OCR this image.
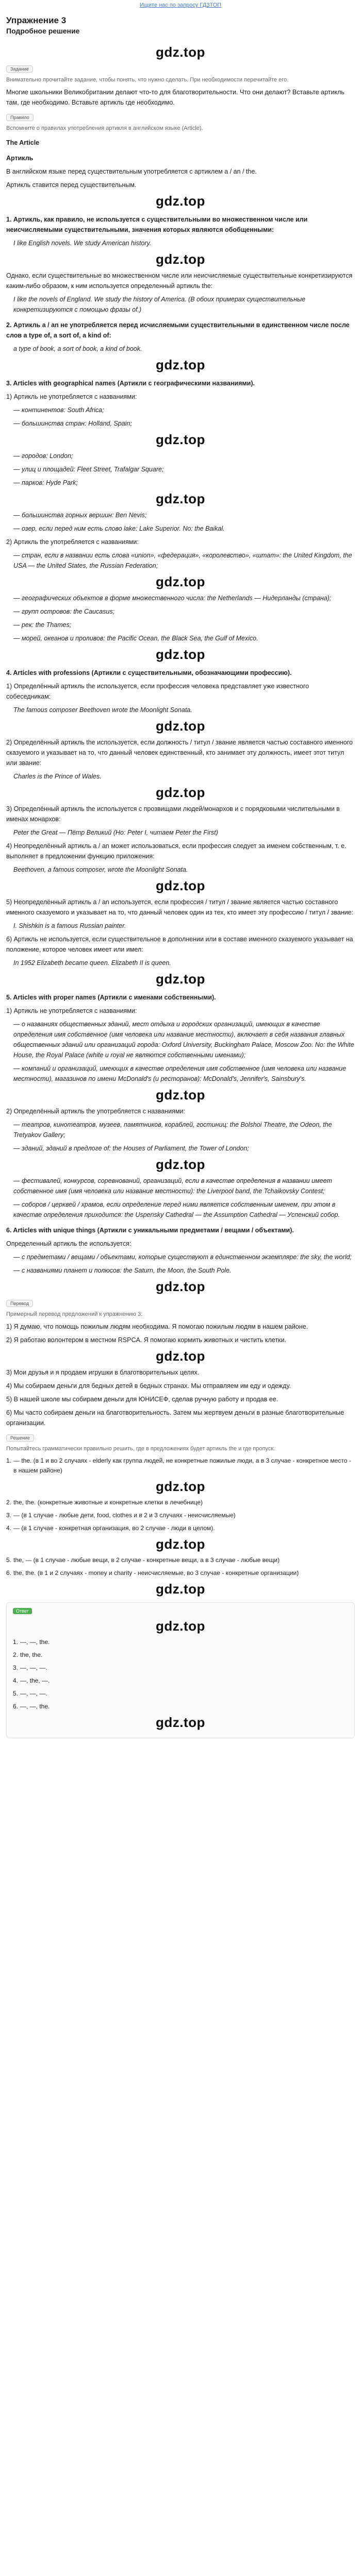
Ищите нас по запросу ГДЗТОП
Упражнение 3
Подробное решение
gdz.top
Задание
Внимательно прочитайте задание, чтобы понять, что нужно сделать. При необходимости перечитайте его.

Многие школьники Великобритании делают что-то для благотворительности. Что они делают? Вставьте артикль там, где необходимо. Вставьте артикль где необходимо.

Правило
Вспомните о правилах употребления артикля в английском языке (Article).

The Article

Артикль

В английском языке перед существительным употребляется с артиклем a / an / the.

Артикль ставится перед существительным.

gdz.top

1. Артикль, как правило, не используется с существительными во множественном числе или неисчисляемыми существительными, значения которых являются обобщенными:

I like English novels. We study American history.

gdz.top

Однако, если существительные во множественном числе или неисчисляемые существительные конкретизируются каким-либо образом, к ним используется определенный артикль the:

I like the novels of England. We study the history of America. (В обоих примерах существительные конкретизируются с помощью фразы of.)

2. Артикль a / an не употребляется перед исчисляемыми существительными в единственном числе после слов a type of, a sort of, a kind of:

a type of book, a sort of book, a kind of book.

gdz.top

3. Articles with geographical names (Артикли с географическими названиями).

1) Артикль не употребляется с названиями:

— континентов: South Africa;

— большинства стран: Holland, Spain;

gdz.top

— городов: London;

— улиц и площадей: Fleet Street, Trafalgar Square;

— парков: Hyde Park;

gdz.top

— большинства горных вершин: Ben Nevis;

— озер, если перед ним есть слово lake: Lake Superior. No: the Baikal.

2) Артикль the употребляется с названиями:

— стран, если в названии есть слова «union», «федерация», «королевство», «штат»: the United Kingdom, the USA — the United States, the Russian Federation;

gdz.top

— географических объектов в форме множественного числа: the Netherlands — Нидерланды (страна);

— групп островов: the Caucasus;

— рек: the Thames;

— морей, океанов и проливов: the Pacific Ocean, the Black Sea, the Gulf of Mexico.

gdz.top

4. Articles with professions (Артикли с существительными, обозначающими профессию).

1) Определённый артикль the используется, если профессия человека представляет уже известного собеседникам:

The famous composer Beethoven wrote the Moonlight Sonata.

gdz.top

2) Определённый артикль the используется, если должность / титул / звание является частью составного именного сказуемого и указывает на то, что данный человек единственный, кто занимает эту должность, имеет этот титул или звание:

Charles is the Prince of Wales.

gdz.top

3) Определённый артикль the используется с прозвищами людей/монархов и с порядковыми числительными в именах монархов:

Peter the Great — Пётр Великий (Но: Peter I, читаем Peter the First)

4) Неопределённый артикль a / an может использоваться, если профессия следует за именем собственным, т. е. выполняет в предложении функцию приложения:

Beethoven, a famous composer, wrote the Moonlight Sonata.

gdz.top

5) Неопределённый артикль a / an используется, если профессия / титул / звание является частью составного именного сказуемого и указывает на то, что данный человек один из тех, кто имеет эту профессию / титул / звание:

I. Shishkin is a famous Russian painter.

6) Артикль не используется, если существительное в дополнении или в составе именного сказуемого указывает на положение, которое человек имеет или имел:

In 1952 Elizabeth became queen. Elizabeth II is queen.

gdz.top

5. Articles with proper names (Артикли с именами собственными).

1) Артикль не употребляется с названиями:

— о названиях общественных зданий, мест отдыха и городских организаций, имеющих в качестве определения имя собственное (имя человека или название местности), включает в себя названия главных общественных зданий или организаций города: Oxford University, Buckingham Palace, Moscow Zoo. No: the White House, the Royal Palace (white и royal не являются собственными именами);

— компаний и организаций, имеющих в качестве определения имя собственное (имя человека или название местности), магазинов по имени McDonald's (и ресторанов): McDonald's, Jennifer's, Sainsbury's.

gdz.top

2) Определённый артикль the употребляется с названиями:

— театров, кинотеатров, музеев, памятников, кораблей, гостиниц: the Bolshoi Theatre, the Odeon, the Tretyakov Gallery;

— зданий, зданий в предлоге of: the Houses of Parliament, the Tower of London;

gdz.top

— фестивалей, конкурсов, соревнований, организаций, если в качестве определения в названии имеет собственное имя (имя человека или название местности): the Liverpool band, the Tchaikovsky Contest;

— соборов / церквей / храмов, если определение перед ними является собственным именем, при этом в качестве определения приходится: the Uspensky Cathedral — the Assumption Cathedral — Успенский собор.

6. Articles with unique things (Артикли с уникальными предметами / вещами / объектами).

Определенный артикль the используется:

— с предметами / вещами / объектами, которые существуют в единственном экземпляре: the sky, the world;

— с названиями планет и полюсов: the Saturn, the Moon, the South Pole.

gdz.top
Перевод
Примерный перевод предложений к упражнению 3:

1) Я думаю, что помощь пожилым людям необходима. Я помогаю пожилым людям в нашем районе.

2) Я работаю волонтером в местном RSPCA. Я помогаю кормить животных и чистить клетки.

gdz.top

3) Мои друзья и я продаем игрушки в благотворительных целях.

4) Мы собираем деньги для бедных детей в бедных странах. Мы отправляем им еду и одежду.

5) В нашей школе мы собираем деньги для ЮНИСЕФ, сделав ручную работу и продав ее.

6) Мы часто собираем деньги на благотворительность. Затем мы жертвуем деньги в разные благотворительные организации.

Решение
Попытайтесь грамматически правильно решить, где в предложениях будет артикль the и где пропуск.
1. — the. (в 1 и во 2 случаях - elderly как группа людей, не конкретные пожилые люди, а в 3 случае - конкретное место - в нашем районе)
gdz.top
2. the, the. (конкретные животные и конкретные клетки в лечебнице)
3. — (в 1 случае - любые дети, food, clothes и в 2 и 3 случаях - неисчисляемые)
4. — (в 1 случае - конкретная организация, во 2 случае - люди в целом).
gdz.top
5. the, — (в 1 случае - любые вещи, в 2 случае - конкретные вещи, а в 3 случае - любые вещи)
6. the, the. (в 1 и 2 случаях - money и charity - неисчисляемые, во 3 случае - конкретные организации)
gdz.top
Ответ
gdz.top
1. —, —, the.
2. the, the.
3. —, —, —.
4. —, the, —.
5. —, —, —.
6. —, —, the.
gdz.top
